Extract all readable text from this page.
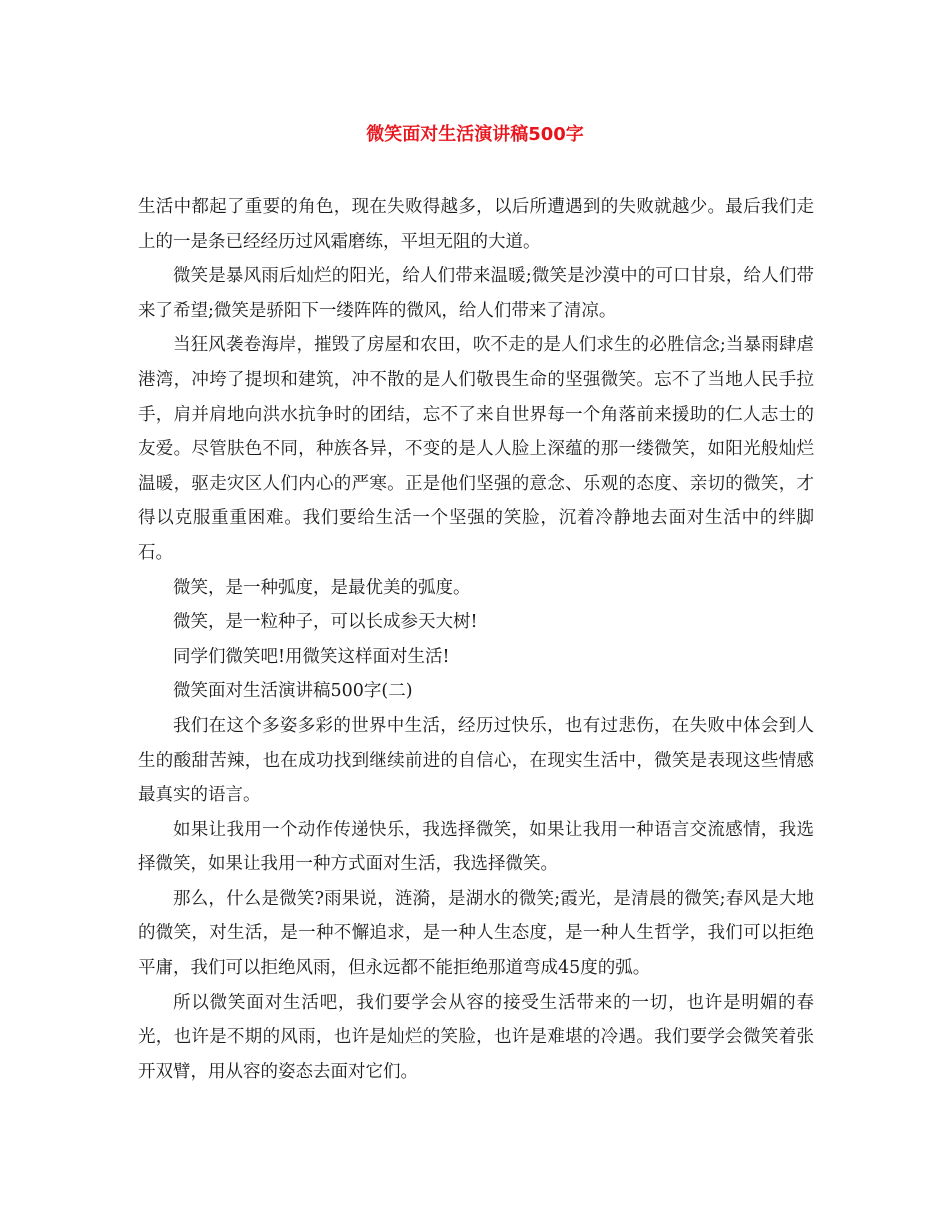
微笑面对生活演讲稿500字

生活中都起了重要的角色，现在失败得越多，以后所遭遇到的失败就越少。最后我们走上的一是条已经经历过风霜磨练，平坦无阻的大道。

微笑是暴风雨后灿烂的阳光，给人们带来温暖;微笑是沙漠中的可口甘泉，给人们带来了希望;微笑是骄阳下一缕阵阵的微风，给人们带来了清凉。

当狂风袭卷海岸，摧毁了房屋和农田，吹不走的是人们求生的必胜信念;当暴雨肆虐港湾，冲垮了提坝和建筑，冲不散的是人们敬畏生命的坚强微笑。忘不了当地人民手拉手，肩并肩地向洪水抗争时的团结，忘不了来自世界每一个角落前来援助的仁人志士的友爱。尽管肤色不同，种族各异，不变的是人人脸上深蕴的那一缕微笑，如阳光般灿烂温暖，驱走灾区人们内心的严寒。正是他们坚强的意念、乐观的态度、亲切的微笑，才得以克服重重困难。我们要给生活一个坚强的笑脸，沉着冷静地去面对生活中的绊脚石。

微笑，是一种弧度，是最优美的弧度。

微笑，是一粒种子，可以长成参天大树!

同学们微笑吧!用微笑这样面对生活!

微笑面对生活演讲稿500字(二)

我们在这个多姿多彩的世界中生活，经历过快乐，也有过悲伤，在失败中体会到人生的酸甜苦辣，也在成功找到继续前进的自信心，在现实生活中，微笑是表现这些情感最真实的语言。

如果让我用一个动作传递快乐，我选择微笑，如果让我用一种语言交流感情，我选择微笑，如果让我用一种方式面对生活，我选择微笑。

那么，什么是微笑?雨果说，涟漪，是湖水的微笑;霞光，是清晨的微笑;春风是大地的微笑，对生活，是一种不懈追求，是一种人生态度，是一种人生哲学，我们可以拒绝平庸，我们可以拒绝风雨，但永远都不能拒绝那道弯成45度的弧。

所以微笑面对生活吧，我们要学会从容的接受生活带来的一切，也许是明媚的春光，也许是不期的风雨，也许是灿烂的笑脸，也许是难堪的冷遇。我们要学会微笑着张开双臂，用从容的姿态去面对它们。
